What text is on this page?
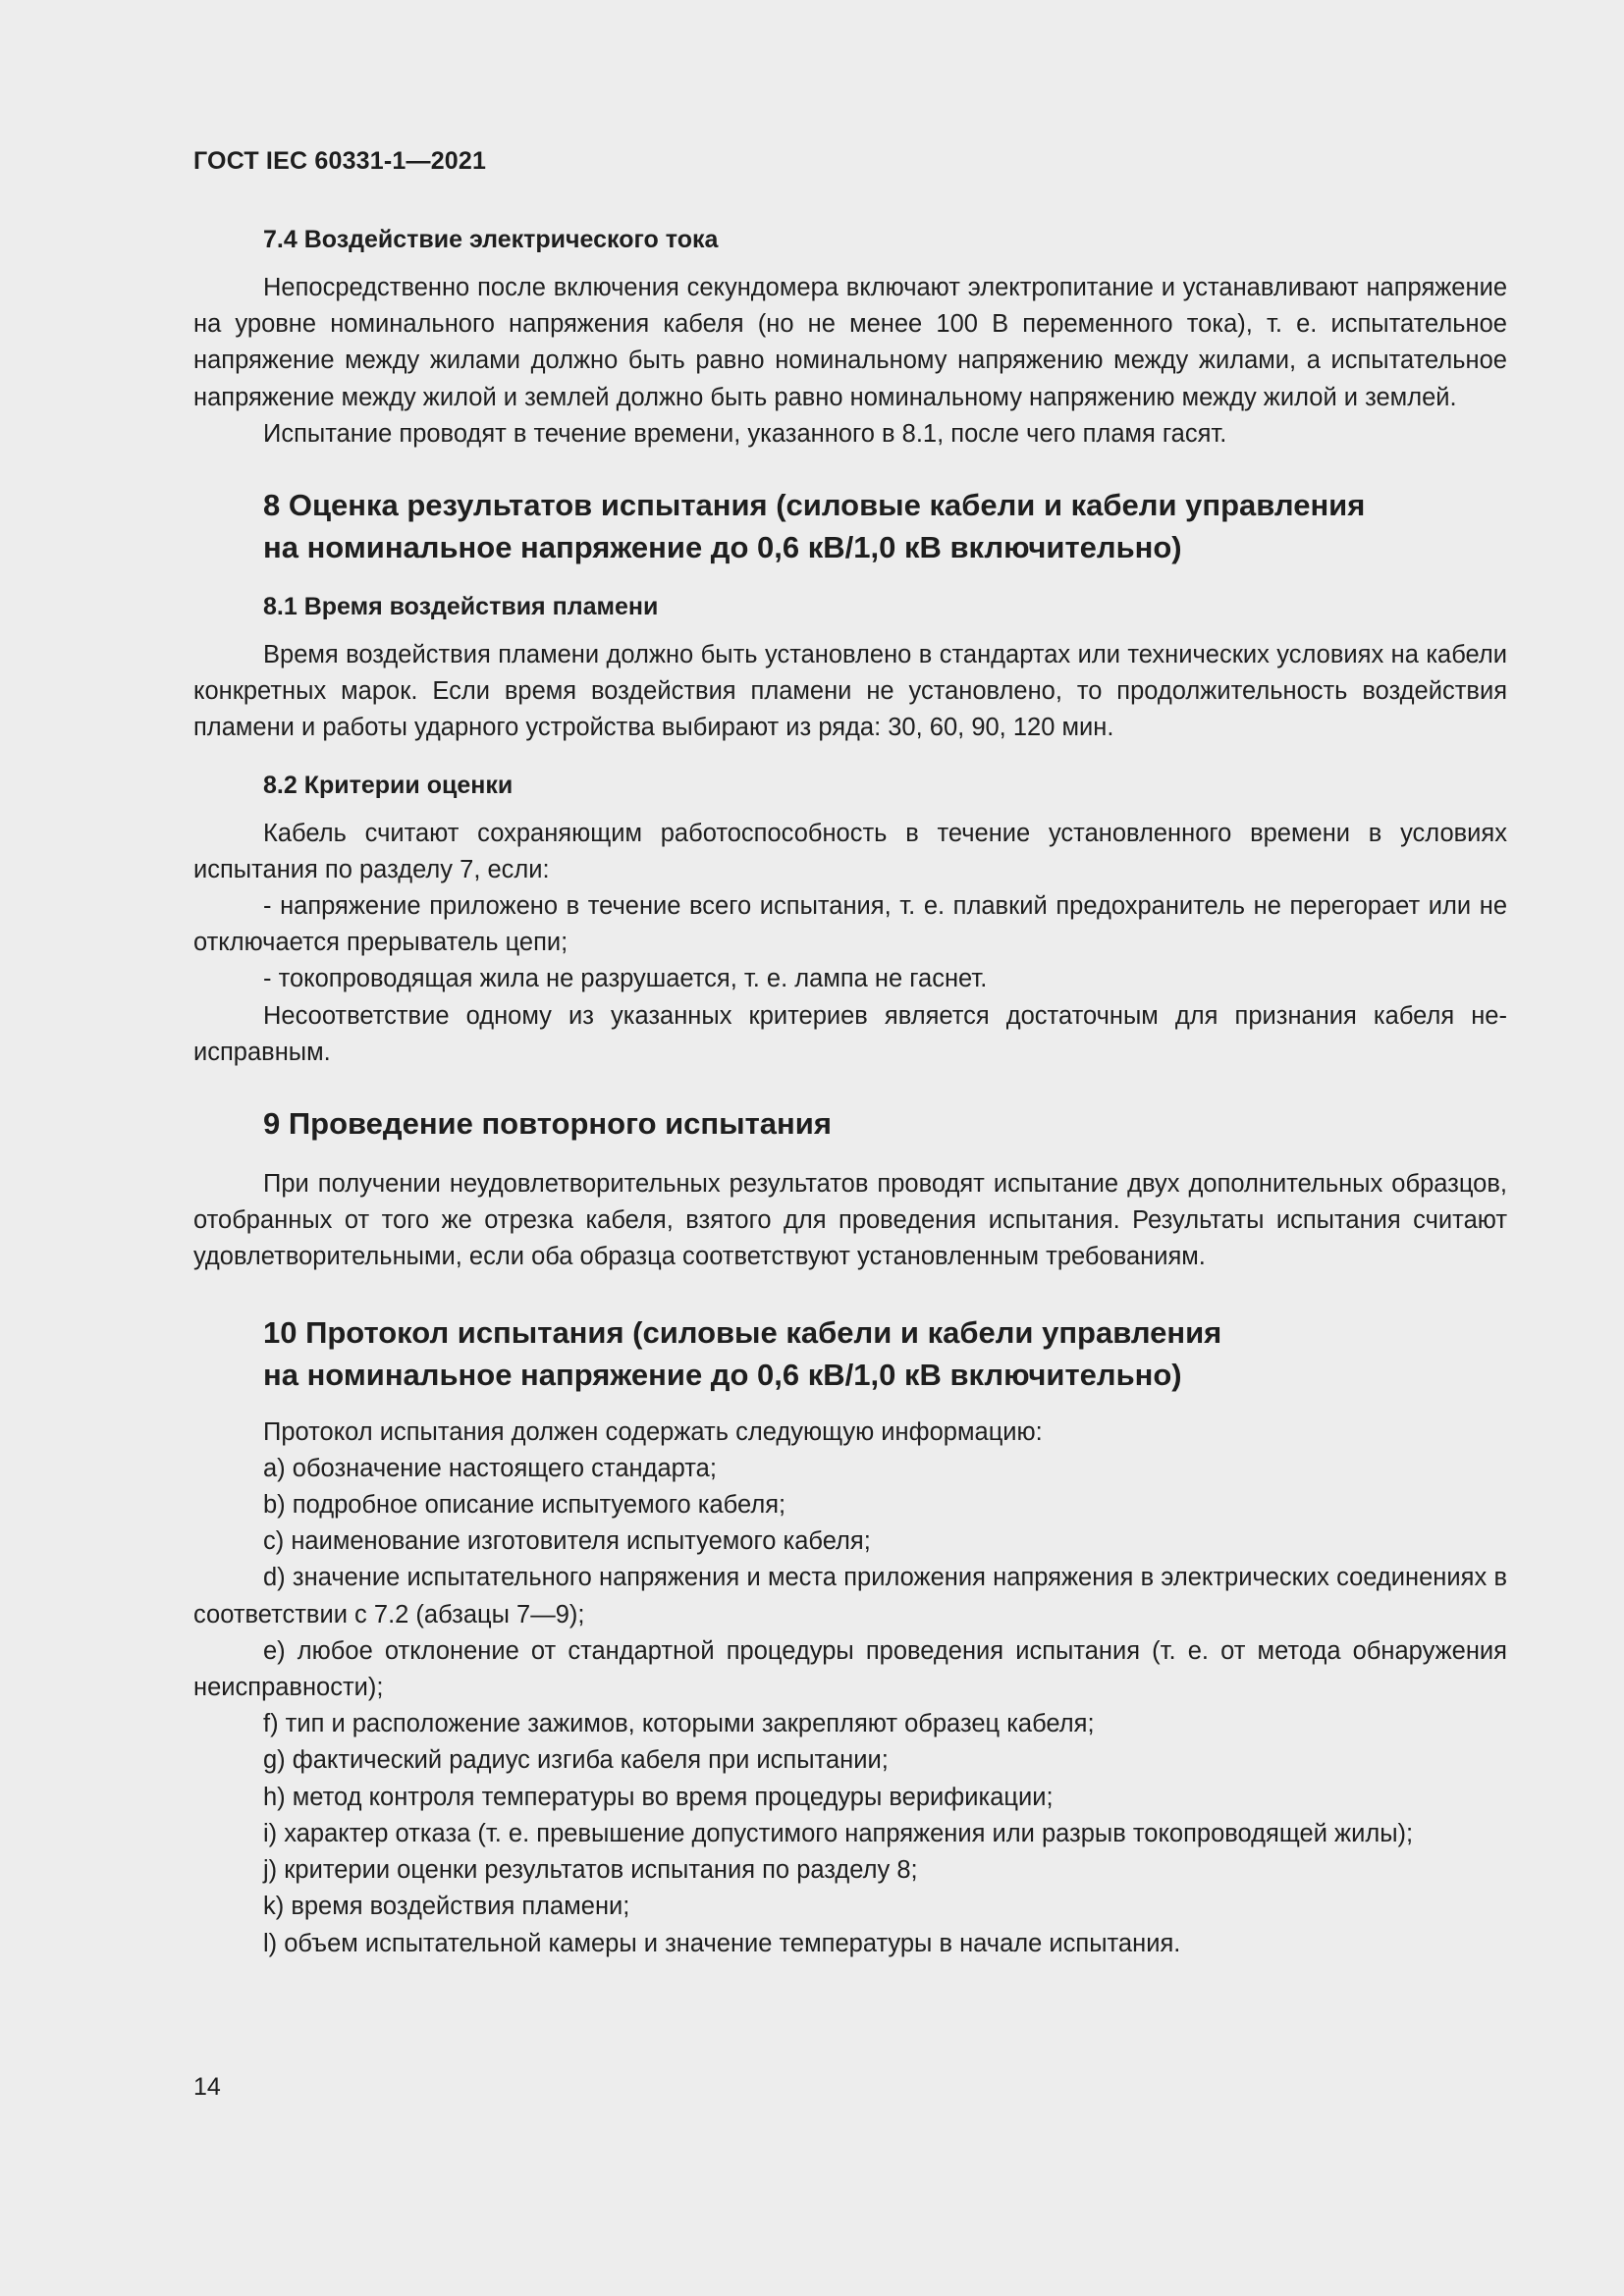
ГОСТ IEC 60331-1—2021
7.4 Воздействие электрического тока

Непосредственно после включения секундомера включают электропитание и устанавливают напряжение на уровне номинального напряжения кабеля (но не менее 100 В переменного тока), т. е. испытательное напряжение между жилами должно быть равно номинальному напряжению между жилами, а испытательное напряжение между жилой и землей должно быть равно номинальному напряжению между жилой и землей.

Испытание проводят в течение времени, указанного в 8.1, после чего пламя гасят.

8 Оценка результатов испытания (силовые кабели и кабели управления
на номинальное напряжение до 0,6 кВ/1,0 кВ включительно)
8.1 Время воздействия пламени

Время воздействия пламени должно быть установлено в стандартах или технических условиях на кабели конкретных марок. Если время воздействия пламени не установлено, то продолжительность воздействия пламени и работы ударного устройства выбирают из ряда: 30, 60, 90, 120 мин.

8.2 Критерии оценки

Кабель считают сохраняющим работоспособность в течение установленного времени в условиях испытания по разделу 7, если:

- напряжение приложено в течение всего испытания, т. е. плавкий предохранитель не перегорает или не отключается прерыватель цепи;

- токопроводящая жила не разрушается, т. е. лампа не гаснет.

Несоответствие одному из указанных критериев является достаточным для признания кабеля неисправным.

9 Проведение повторного испытания

При получении неудовлетворительных результатов проводят испытание двух дополнительных образцов, отобранных от того же отрезка кабеля, взятого для проведения испытания. Результаты испытания считают удовлетворительными, если оба образца соответствуют установленным требованиям.

10 Протокол испытания (силовые кабели и кабели управления
на номинальное напряжение до 0,6 кВ/1,0 кВ включительно)

Протокол испытания должен содержать следующую информацию:

a) обозначение настоящего стандарта;

b) подробное описание испытуемого кабеля;

c) наименование изготовителя испытуемого кабеля;

d) значение испытательного напряжения и места приложения напряжения в электрических соединениях в соответствии с 7.2 (абзацы 7—9);

e) любое отклонение от стандартной процедуры проведения испытания (т. е. от метода обнаружения неисправности);

f) тип и расположение зажимов, которыми закрепляют образец кабеля;

g) фактический радиус изгиба кабеля при испытании;

h) метод контроля температуры во время процедуры верификации;

i) характер отказа (т. е. превышение допустимого напряжения или разрыв токопроводящей жилы);

j) критерии оценки результатов испытания по разделу 8;

k) время воздействия пламени;

l) объем испытательной камеры и значение температуры в начале испытания.

14
